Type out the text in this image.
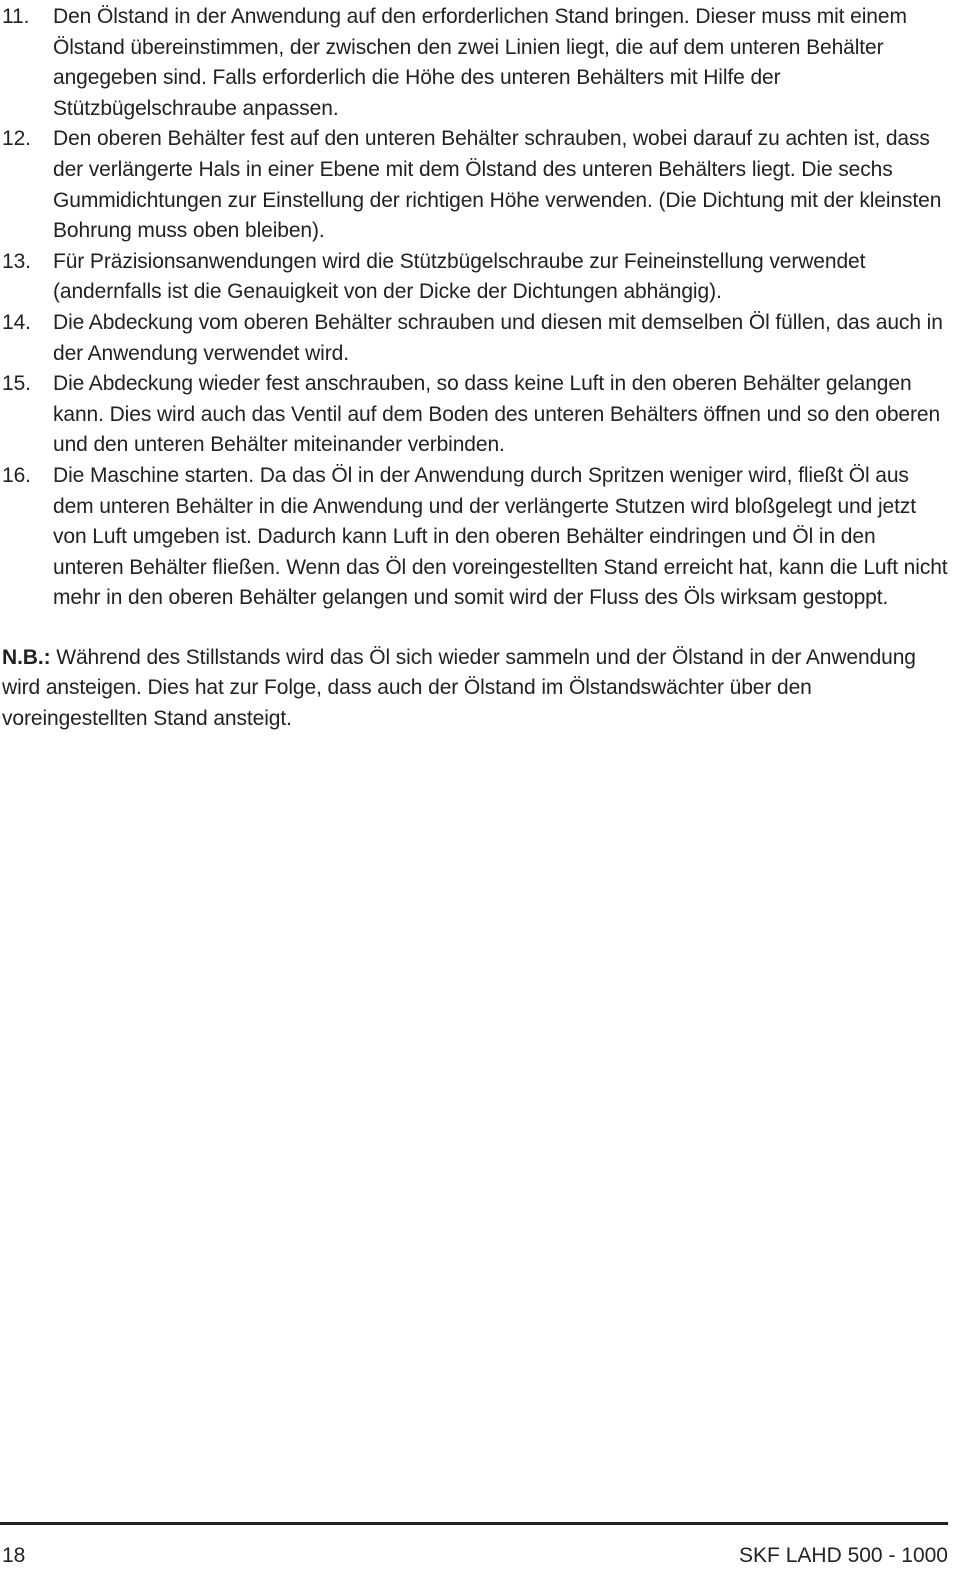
11. Den Ölstand in der Anwendung auf den erforderlichen Stand bringen. Dieser muss mit einem Ölstand übereinstimmen, der zwischen den zwei Linien liegt, die auf dem unteren Behälter angegeben sind. Falls erforderlich die Höhe des unteren Behälters mit Hilfe der Stützbügelschraube anpassen.
12. Den oberen Behälter fest auf den unteren Behälter schrauben, wobei darauf zu achten ist, dass der verlängerte Hals in einer Ebene mit dem Ölstand des unteren Behälters liegt. Die sechs Gummidichtungen zur Einstellung der richtigen Höhe verwenden. (Die Dichtung mit der kleinsten Bohrung muss oben bleiben).
13. Für Präzisionsanwendungen wird die Stützbügelschraube zur Feineinstellung verwendet (andernfalls ist die Genauigkeit von der Dicke der Dichtungen abhängig).
14. Die Abdeckung vom oberen Behälter schrauben und diesen mit demselben Öl füllen, das auch in der Anwendung verwendet wird.
15. Die Abdeckung wieder fest anschrauben, so dass keine Luft in den oberen Behälter gelangen kann. Dies wird auch das Ventil auf dem Boden des unteren Behälters öffnen und so den oberen und den unteren Behälter miteinander verbinden.
16. Die Maschine starten. Da das Öl in der Anwendung durch Spritzen weniger wird, fließt Öl aus dem unteren Behälter in die Anwendung und der verlängerte Stutzen wird bloßgelegt und jetzt von Luft umgeben ist. Dadurch kann Luft in den oberen Behälter eindringen und Öl in den unteren Behälter fließen. Wenn das Öl den voreingestellten Stand erreicht hat, kann die Luft nicht mehr in den oberen Behälter gelangen und somit wird der Fluss des Öls wirksam gestoppt.

N.B.: Während des Stillstands wird das Öl sich wieder sammeln und der Ölstand in der Anwendung wird ansteigen. Dies hat zur Folge, dass auch der Ölstand im Ölstandswächter über den voreingestellten Stand ansteigt.

18	SKF LAHD 500 - 1000
